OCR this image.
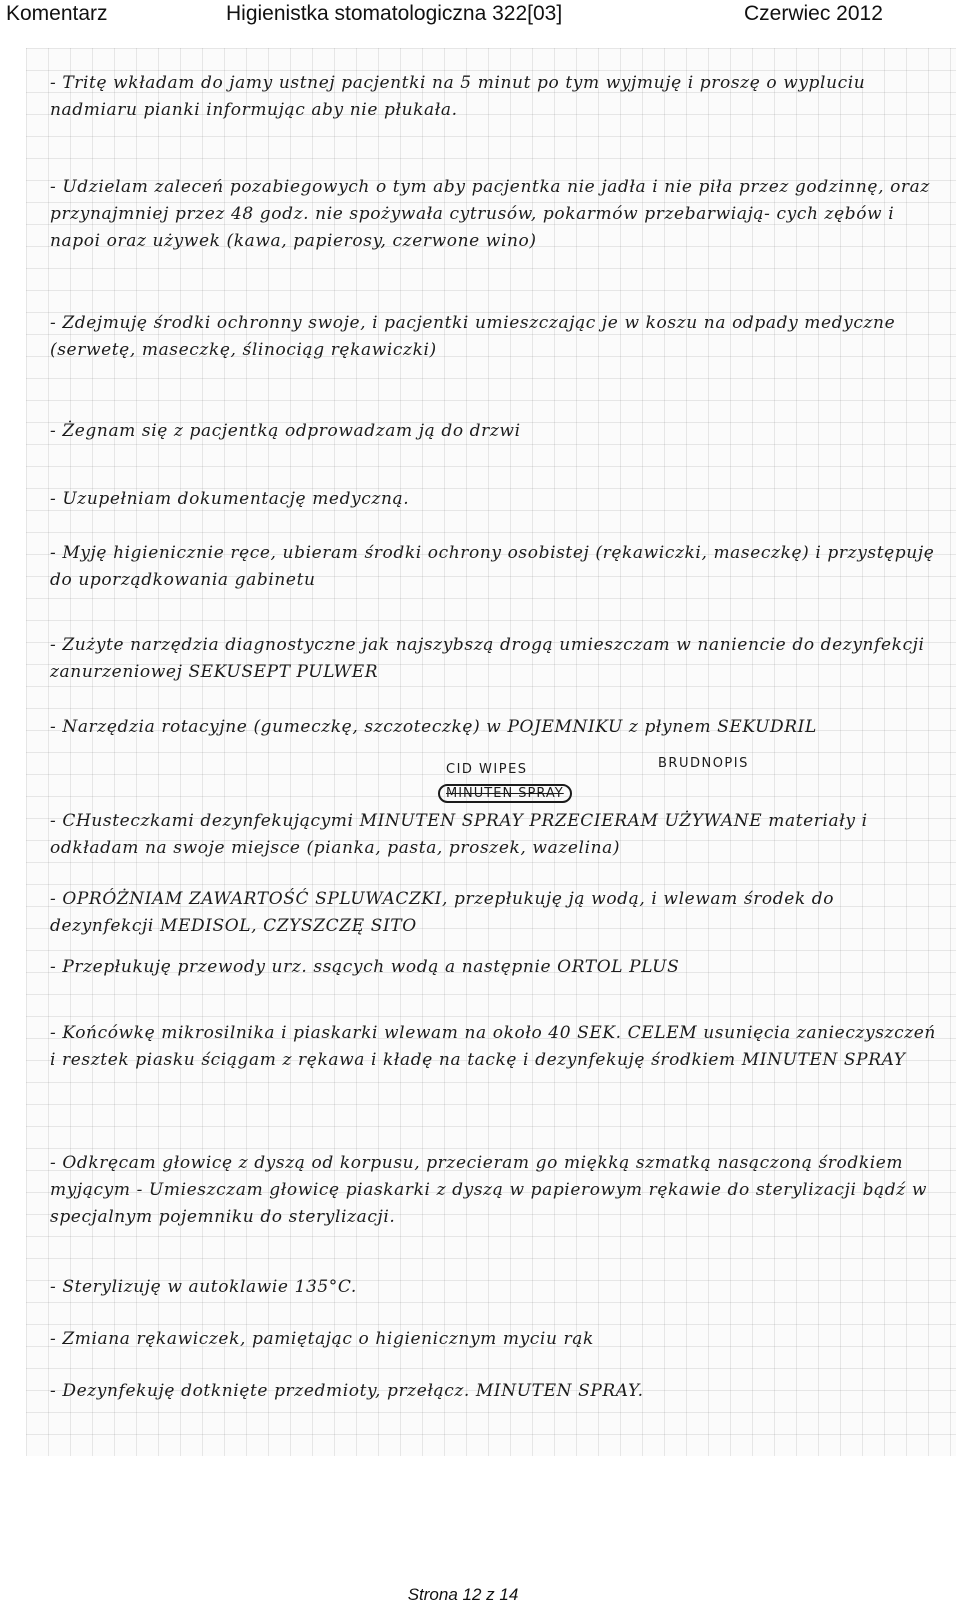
Komentarz	Higienistka stomatologiczna 322[03]	Czerwiec 2012

- Tritę wkładam do jamy ustnej pacjentki na 5 minut po tym wyjmuję i proszę o wypluciu nadmiaru pianki informując aby nie płukała.

- Udzielam zaleceń pozabiegowych o tym aby pacjentka nie jadła i nie piła przez godzinnę, oraz przynajmniej przez 48 godz. nie spożywała cytrusów, pokarmów przebarwiają- cych zębów i napoi oraz używek (kawa, papierosy, czerwone wino)

- Zdejmuję środki ochronny swoje, i pacjentki umieszczając je w koszu na odpady medyczne (serwetę, maseczkę, ślinociąg rękawiczki)

- Żegnam się z pacjentką odprowadzam ją do drzwi

- Uzupełniam dokumentację medyczną.

- Myję higienicznie ręce, ubieram środki ochrony osobistej (rękawiczki, maseczkę) i przystępuję do uporządkowania gabinetu

- Zużyte narzędzia diagnostyczne jak najszybszą drogą umieszczam w naniencie do dezynfekcji zanurzeniowej SEKUSEPT PULWER

- Narzędzia rotacyjne (gumeczkę, szczoteczkę) w POJEMNIKU z płynem SEKUDRIL

CID WIPES	BRUDNOPIS
MINUTEN SPRAY

- CHusteczkami dezynfekującymi MINUTEN SPRAY PRZECIERAM UŻYWANE materiały i odkładam na swoje miejsce (pianka, pasta, proszek, wazelina)

- OPRÓŻNIAM ZAWARTOŚĆ SPLUWACZKI, przepłukuję ją wodą, i wlewam środek do dezynfekcji MEDISOL, CZYSZCZĘ SITO

- Przepłukuję przewody urz. ssących wodą a następnie ORTOL PLUS

- Końcówkę mikrosilnika i piaskarki wlewam na około 40 SEK. CELEM usunięcia zanieczyszczeń i resztek piasku ściągam z rękawa i kładę na tackę i dezynfekuję środkiem MINUTEN SPRAY

- Odkręcam głowicę z dyszą od korpusu, przecieram go miękką szmatką nasączoną środkiem myjącym - Umieszczam głowicę piaskarki z dyszą w papierowym rękawie do sterylizacji bądź w specjalnym pojemniku do sterylizacji.

- Sterylizuję w autoklawie 135°C.

- Zmiana rękawiczek, pamiętając o higienicznym myciu rąk

- Dezynfekuję dotknięte przedmioty, przełącz. MINUTEN SPRAY.

Strona 12 z 14
